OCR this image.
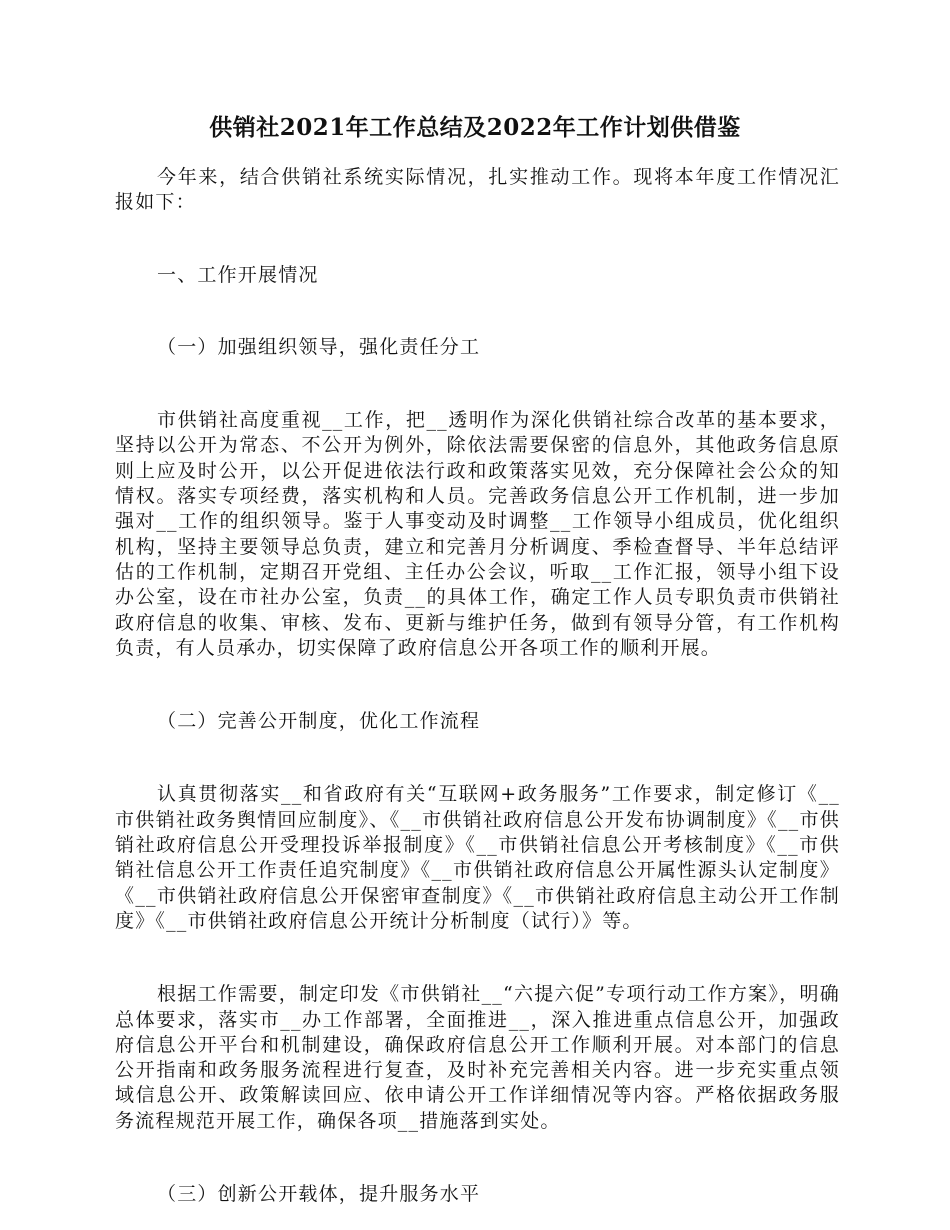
供销社2021年工作总结及2022年工作计划供借鉴

今年来，结合供销社系统实际情况，扎实推动工作。现将本年度工作情况汇报如下：

一、工作开展情况

（一）加强组织领导，强化责任分工

市供销社高度重视__工作，把__透明作为深化供销社综合改革的基本要求，坚持以公开为常态、不公开为例外，除依法需要保密的信息外，其他政务信息原则上应及时公开，以公开促进依法行政和政策落实见效，充分保障社会公众的知情权。落实专项经费，落实机构和人员。完善政务信息公开工作机制，进一步加强对__工作的组织领导。鉴于人事变动及时调整__工作领导小组成员，优化组织机构，坚持主要领导总负责，建立和完善月分析调度、季检查督导、半年总结评估的工作机制，定期召开党组、主任办公会议，听取__工作汇报，领导小组下设办公室，设在市社办公室，负责__的具体工作，确定工作人员专职负责市供销社政府信息的收集、审核、发布、更新与维护任务，做到有领导分管，有工作机构负责，有人员承办，切实保障了政府信息公开各项工作的顺利开展。

（二）完善公开制度，优化工作流程

认真贯彻落实__和省政府有关“互联网+政务服务”工作要求，制定修订《__市供销社政务舆情回应制度》、《__市供销社政府信息公开发布协调制度》《__市供销社政府信息公开受理投诉举报制度》《__市供销社信息公开考核制度》《__市供销社信息公开工作责任追究制度》《__市供销社政府信息公开属性源头认定制度》《__市供销社政府信息公开保密审查制度》《__市供销社政府信息主动公开工作制度》《__市供销社政府信息公开统计分析制度（试行）》等。

根据工作需要，制定印发《市供销社__“六提六促”专项行动工作方案》，明确总体要求，落实市__办工作部署，全面推进__，深入推进重点信息公开，加强政府信息公开平台和机制建设，确保政府信息公开工作顺利开展。对本部门的信息公开指南和政务服务流程进行复查，及时补充完善相关内容。进一步充实重点领域信息公开、政策解读回应、依申请公开工作详细情况等内容。严格依据政务服务流程规范开展工作，确保各项__措施落到实处。

（三）创新公开载体，提升服务水平
